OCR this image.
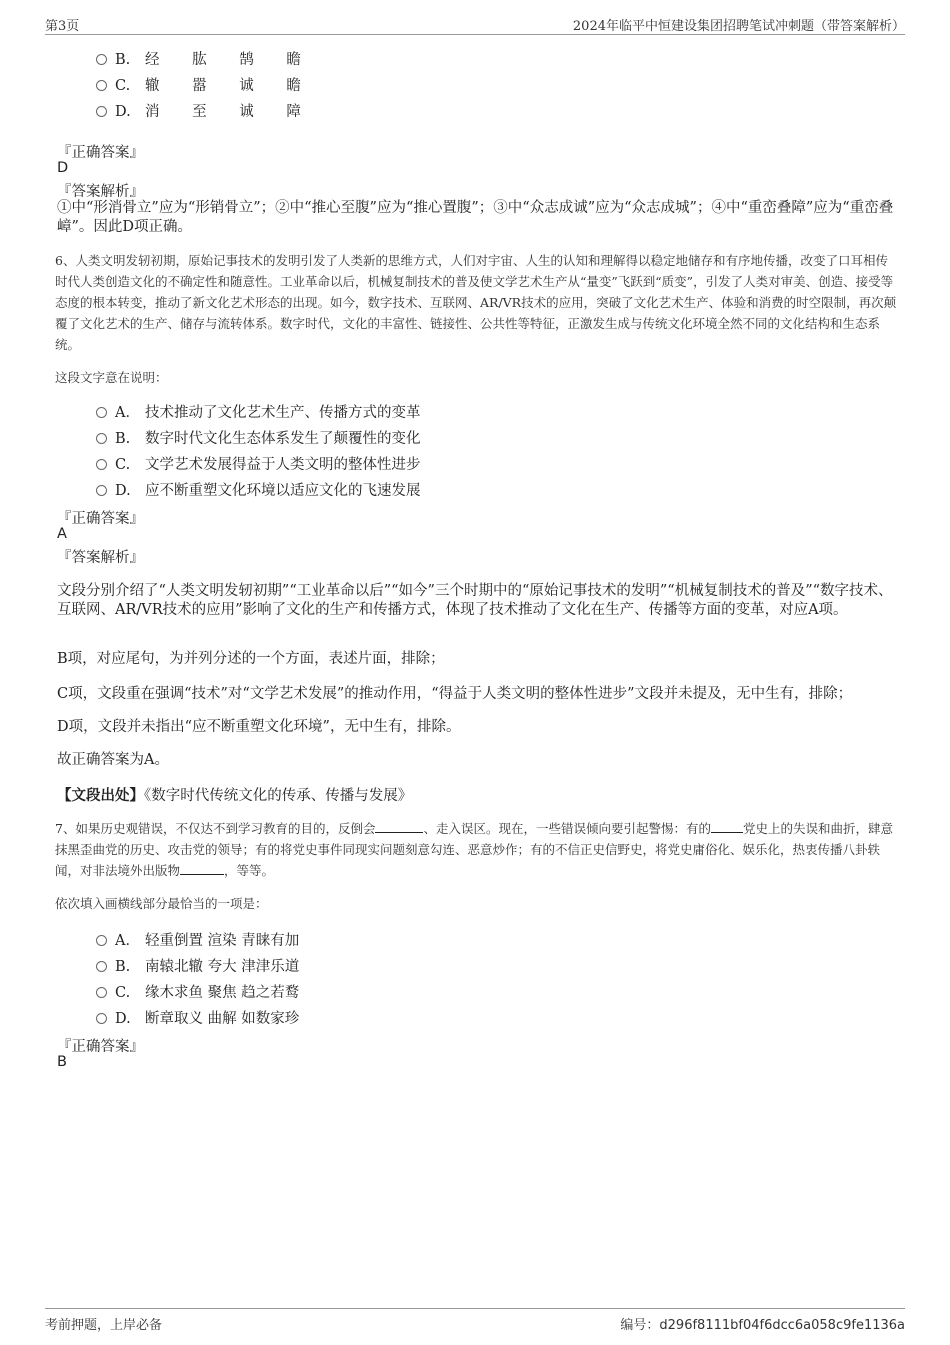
第3页	2024年临平中恒建设集团招聘笔试冲刺题（带答案解析）
B. 经 肱 鹄 瞻
C. 辙 嚣 诚 瞻
D. 消 至 诚 障
『正确答案』
D
『答案解析』
①中“形消骨立”应为“形销骨立”；②中“推心至腹”应为“推心置腹”；③中“众志成诚”应为“众志成城”；④中“重峦叠障”应为“重峦叠嶂”。因此D项正确。
6、人类文明发轫初期，原始记事技术的发明引发了人类新的思维方式，人们对宇宙、人生的认知和理解得以稳定地储存和有序地传播，改变了口耳相传时代人类创造文化的不确定性和随意性。工业革命以后，机械复制技术的普及使文学艺术生产从“量变”飞跃到“质变”，引发了人类对审美、创造、接受等态度的根本转变，推动了新文化艺术形态的出现。如今，数字技术、互联网、AR/VR技术的应用，突破了文化艺术生产、体验和消费的时空限制，再次颠覆了文化艺术的生产、储存与流转体系。数字时代，文化的丰富性、链接性、公共性等特征，正激发生成与传统文化环境全然不同的文化结构和生态系统。
这段文字意在说明：
A． 技术推动了文化艺术生产、传播方式的变革
B. 数字时代文化生态体系发生了颠覆性的变化
C. 文学艺术发展得益于人类文明的整体性进步
D. 应不断重塑文化环境以适应文化的飞速发展
『正确答案』
A
『答案解析』
文段分别介绍了“人类文明发轫初期”“工业革命以后”“如今”三个时期中的“原始记事技术的发明”“机械复制技术的普及”“数字技术、互联网、AR/VR技术的应用”影响了文化的生产和传播方式，体现了技术推动了文化在生产、传播等方面的变革，对应A项。
B项，对应尾句，为并列分述的一个方面，表述片面，排除；
C项，文段重在强调“技术”对“文学艺术发展”的推动作用，“得益于人类文明的整体性进步”文段并未提及，无中生有，排除；
D项，文段并未指出“应不断重塑文化环境”，无中生有，排除。
故正确答案为A。
【文段出处】《数字时代传统文化的传承、传播与发展》
7、如果历史观错误，不仅达不到学习教育的目的，反倒会	、走入误区。现在，一些错误倾向要引起警惕：有的	党史上的失误和曲折，肆意抹黑歪曲党的历史、攻击党的领导；有的将党史事件同现实问题刻意勾连、恶意炒作；有的不信正史信野史，将党史庸俗化、娱乐化，热衷传播八卦轶闻，对非法境外出版物	，等等。
依次填入画横线部分最恰当的一项是：
A． 轻重倒置 渲染 青睐有加
B. 南辕北辙 夸大 津津乐道
C. 缘木求鱼 聚焦 趋之若鹜
D. 断章取义 曲解 如数家珍
『正确答案』
B
考前押题，上岸必备	编号：d296f8111bf04f6dcc6a058c9fe1136a
